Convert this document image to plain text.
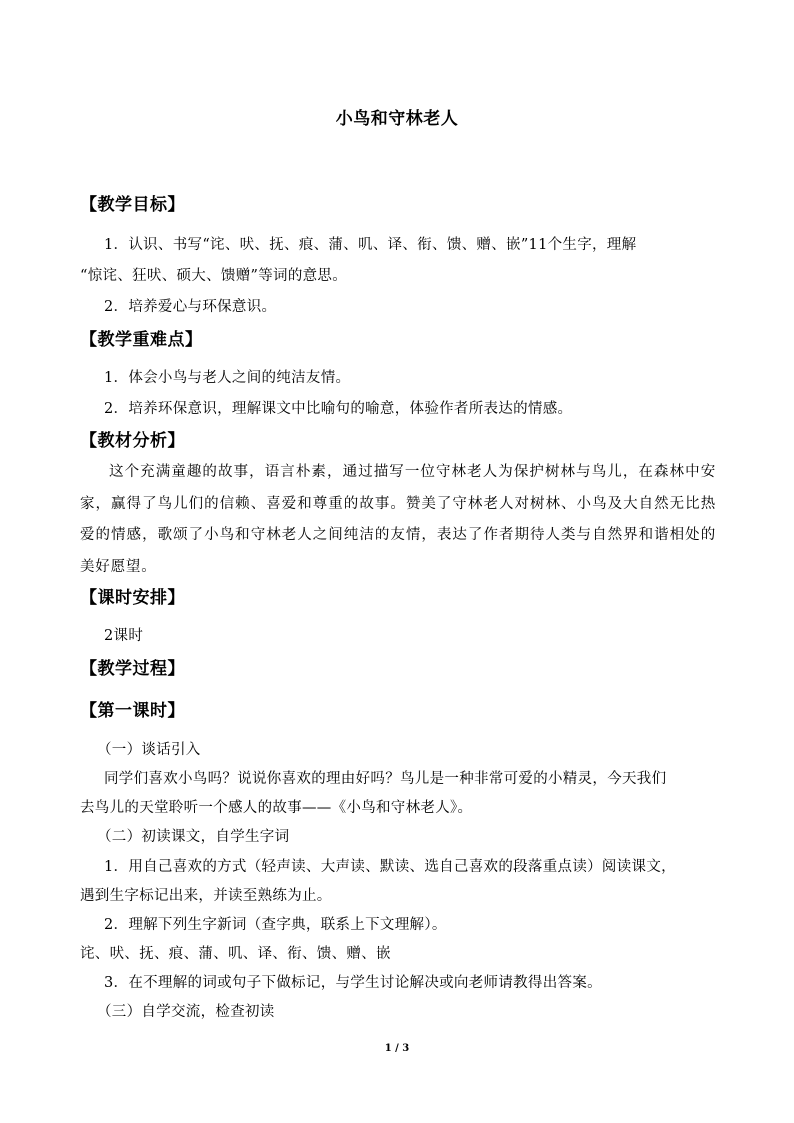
小鸟和守林老人
【教学目标】
1．认识、书写“诧、吠、抚、痕、蒲、叽、译、衔、馈、赠、嵌”11个生字，理解
“惊诧、狂吠、硕大、馈赠”等词的意思。
2．培养爱心与环保意识。
【教学重难点】
1．体会小鸟与老人之间的纯洁友情。
2．培养环保意识，理解课文中比喻句的喻意，体验作者所表达的情感。
【教材分析】
这个充满童趣的故事，语言朴素，通过描写一位守林老人为保护树林与鸟儿，在森林中安家，赢得了鸟儿们的信赖、喜爱和尊重的故事。赞美了守林老人对树林、小鸟及大自然无比热爱的情感，歌颂了小鸟和守林老人之间纯洁的友情，表达了作者期待人类与自然界和谐相处的美好愿望。
【课时安排】
2课时
【教学过程】
【第一课时】
（一）谈话引入
同学们喜欢小鸟吗？说说你喜欢的理由好吗？鸟儿是一种非常可爱的小精灵，今天我们
去鸟儿的天堂聆听一个感人的故事——《小鸟和守林老人》。
（二）初读课文，自学生字词
1．用自己喜欢的方式（轻声读、大声读、默读、选自己喜欢的段落重点读）阅读课文，
遇到生字标记出来，并读至熟练为止。
2．理解下列生字新词（查字典，联系上下文理解）。
诧、吠、抚、痕、蒲、叽、译、衔、馈、赠、嵌
3．在不理解的词或句子下做标记，与学生讨论解决或向老师请教得出答案。
（三）自学交流，检查初读
1 / 3
